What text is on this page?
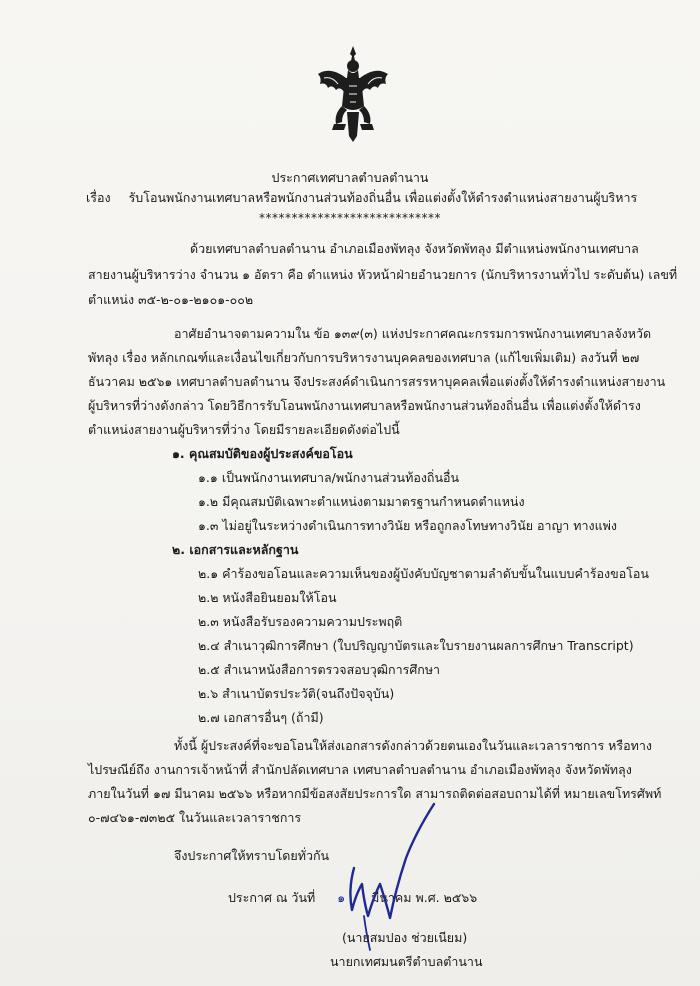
ประกาศเทศบาลตำบลตำนาน
เรื่อง รับโอนพนักงานเทศบาลหรือพนักงานส่วนท้องถิ่นอื่น เพื่อแต่งตั้งให้ดำรงตำแหน่งสายงานผู้บริหาร
****************************
ด้วยเทศบาลตำบลตำนาน อำเภอเมืองพัทลุง จังหวัดพัทลุง มีตำแหน่งพนักงานเทศบาล
สายงานผู้บริหารว่าง จำนวน ๑ อัตรา คือ ตำแหน่ง หัวหน้าฝ่ายอำนวยการ (นักบริหารงานทั่วไป ระดับต้น) เลขที่
ตำแหน่ง ๓๕-๒-๐๑-๒๑๐๑-๐๐๒
อาศัยอำนาจตามความใน ข้อ ๑๓๙(๓) แห่งประกาศคณะกรรมการพนักงานเทศบาลจังหวัด
พัทลุง เรื่อง หลักเกณฑ์และเงื่อนไขเกี่ยวกับการบริหารงานบุคคลของเทศบาล (แก้ไขเพิ่มเติม) ลงวันที่ ๒๗
ธันวาคม ๒๕๖๑ เทศบาลตำบลตำนาน จึงประสงค์ดำเนินการสรรหาบุคคลเพื่อแต่งตั้งให้ดำรงตำแหน่งสายงาน
ผู้บริหารที่ว่างดังกล่าว โดยวิธีการรับโอนพนักงานเทศบาลหรือพนักงานส่วนท้องถิ่นอื่น เพื่อแต่งตั้งให้ดำรง
ตำแหน่งสายงานผู้บริหารที่ว่าง โดยมีรายละเอียดดังต่อไปนี้
๑. คุณสมบัติของผู้ประสงค์ขอโอน
๑.๑ เป็นพนักงานเทศบาล/พนักงานส่วนท้องถิ่นอื่น
๑.๒ มีคุณสมบัติเฉพาะตำแหน่งตามมาตรฐานกำหนดตำแหน่ง
๑.๓ ไม่อยู่ในระหว่างดำเนินการทางวินัย หรือถูกลงโทษทางวินัย อาญา ทางแพ่ง
๒. เอกสารและหลักฐาน
๒.๑ คำร้องขอโอนและความเห็นของผู้บังคับบัญชาตามลำดับขั้นในแบบคำร้องขอโอน
๒.๒ หนังสือยินยอมให้โอน
๒.๓ หนังสือรับรองความความประพฤติ
๒.๔ สำเนาวุฒิการศึกษา (ใบปริญญาบัตรและใบรายงานผลการศึกษา Transcript)
๒.๕ สำเนาหนังสือการตรวจสอบวุฒิการศึกษา
๒.๖ สำเนาบัตรประวัติ(จนถึงปัจจุบัน)
๒.๗ เอกสารอื่นๆ (ถ้ามี)
ทั้งนี้ ผู้ประสงค์ที่จะขอโอนให้ส่งเอกสารดังกล่าวด้วยตนเองในวันและเวลาราชการ หรือทาง
ไปรษณีย์ถึง งานการเจ้าหน้าที่ สำนักปลัดเทศบาล เทศบาลตำบลตำนาน อำเภอเมืองพัทลุง จังหวัดพัทลุง
ภายในวันที่ ๑๗ มีนาคม ๒๕๖๖ หรือหากมีข้อสงสัยประการใด สามารถติดต่อสอบถามได้ที่ หมายเลขโทรศัพท์
๐-๗๔๖๑-๗๓๒๕ ในวันและเวลาราชการ
จึงประกาศให้ทราบโดยทั่วกัน
ประกาศ ณ วันที่ ๑ มีนาคม พ.ศ. ๒๕๖๖
(นายสมปอง ช่วยเนียม)
นายกเทศมนตรีตำบลตำนาน
